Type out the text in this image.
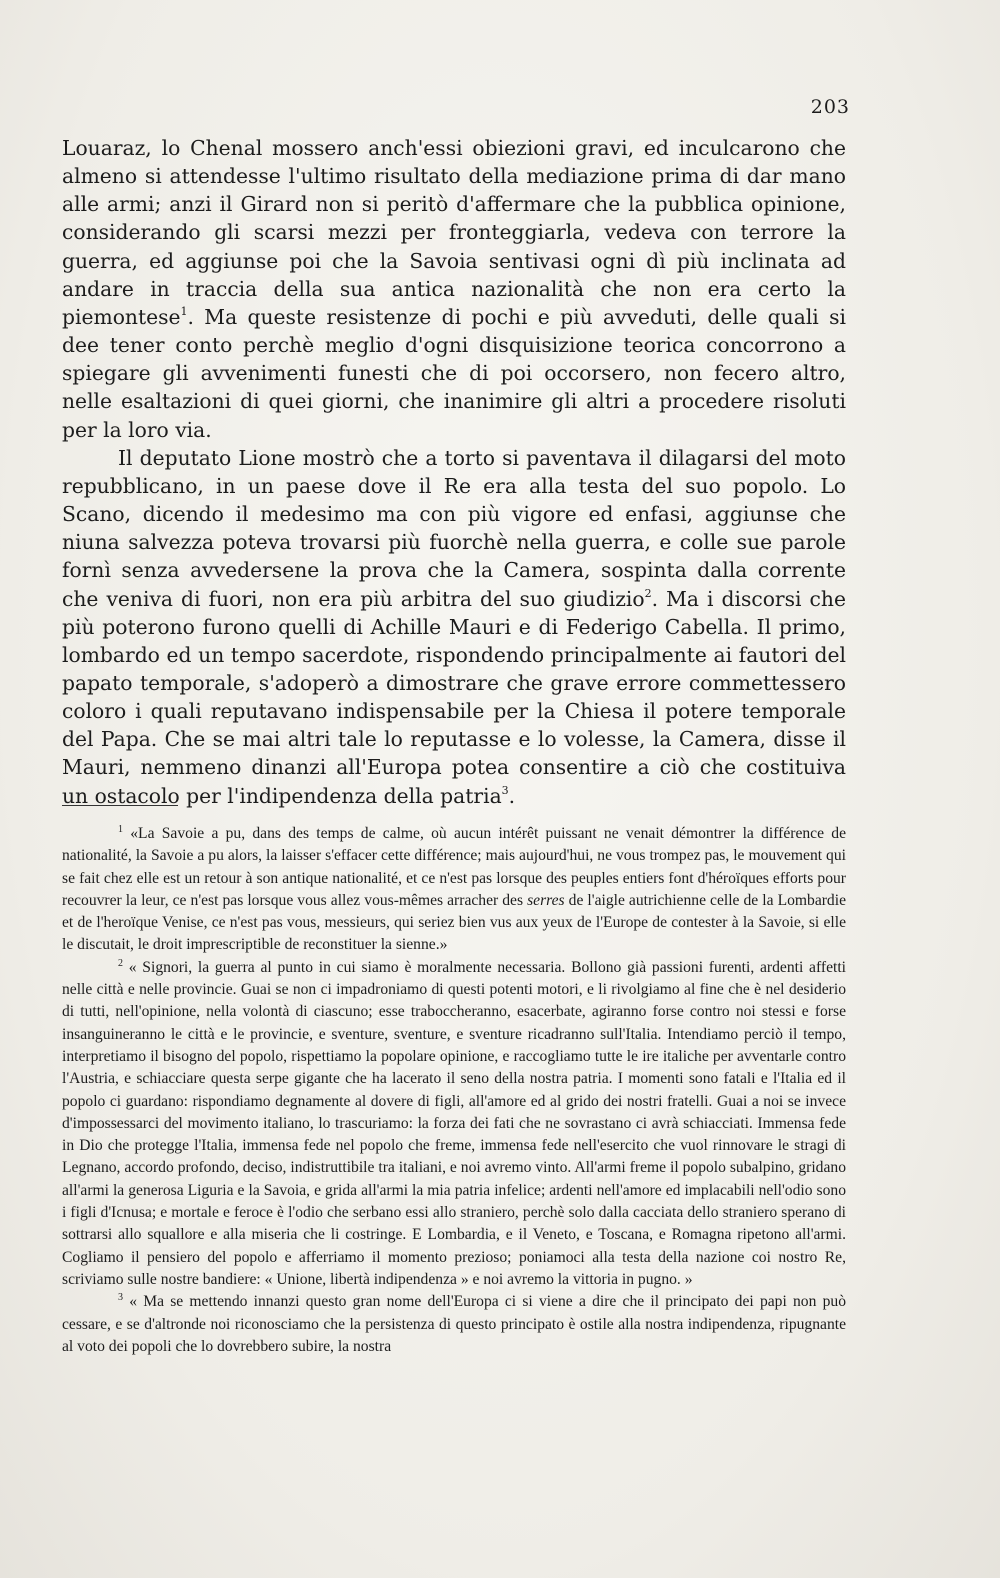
203

Louaraz, lo Chenal mossero anch'essi obiezioni gravi, ed inculcarono che almeno si attendesse l'ultimo risultato della mediazione prima di dar mano alle armi; anzi il Girard non si peritò d'affermare che la pubblica opinione, considerando gli scarsi mezzi per fronteggiarla, vedeva con terrore la guerra, ed aggiunse poi che la Savoia sentivasi ogni dì più inclinata ad andare in traccia della sua antica nazionalità che non era certo la piemontese$^1$. Ma queste resistenze di pochi e più avveduti, delle quali si dee tener conto perchè meglio d'ogni disquisizione teorica concorrono a spiegare gli avvenimenti funesti che di poi occorsero, non fecero altro, nelle esaltazioni di quei giorni, che inanimire gli altri a procedere risoluti per la loro via.

Il deputato Lione mostrò che a torto si paventava il dilagarsi del moto repubblicano, in un paese dove il Re era alla testa del suo popolo. Lo Scano, dicendo il medesimo ma con più vigore ed enfasi, aggiunse che niuna salvezza poteva trovarsi più fuorchè nella guerra, e colle sue parole fornì senza avvedersene la prova che la Camera, sospinta dalla corrente che veniva di fuori, non era più arbitra del suo giudizio$^2$. Ma i discorsi che più poterono furono quelli di Achille Mauri e di Federigo Cabella. Il primo, lombardo ed un tempo sacerdote, rispondendo principalmente ai fautori del papato temporale, s'adoperò a dimostrare che grave errore commettessero coloro i quali reputavano indispensabile per la Chiesa il potere temporale del Papa. Che se mai altri tale lo reputasse e lo volesse, la Camera, disse il Mauri, nemmeno dinanzi all'Europa potea consentire a ciò che costituiva un ostacolo per l'indipendenza della patria$^3$.

$^1$ «La Savoie a pu, dans des temps de calme, où aucun intérêt puissant ne venait démontrer la différence de nationalité, la Savoie a pu alors, la laisser s'effacer cette différence; mais aujourd'hui, ne vous trompez pas, le mouvement qui se fait chez elle est un retour à son antique nationalité, et ce n'est pas lorsque des peuples entiers font d'héroïques efforts pour recouvrer la leur, ce n'est pas lorsque vous allez vous-mêmes arracher des serres de l'aigle autrichienne celle de la Lombardie et de l'heroïque Venise, ce n'est pas vous, messieurs, qui seriez bien vus aux yeux de l'Europe de contester à la Savoie, si elle le discutait, le droit imprescriptible de reconstituer la sienne.»

$^2$ « Signori, la guerra al punto in cui siamo è moralmente necessaria. Bollono già passioni furenti, ardenti affetti nelle città e nelle provincie. Guai se non ci impadroniamo di questi potenti motori, e li rivolgiamo al fine che è nel desiderio di tutti, nell'opinione, nella volontà di ciascuno; esse traboccheranno, esacerbate, agiranno forse contro noi stessi e forse insanguineranno le città e le provincie, e sventure, sventure, e sventure ricadranno sull'Italia. Intendiamo perciò il tempo, interpretiamo il bisogno del popolo, rispettiamo la popolare opinione, e raccogliamo tutte le ire italiche per avventarle contro l'Austria, e schiacciare questa serpe gigante che ha lacerato il seno della nostra patria. I momenti sono fatali e l'Italia ed il popolo ci guardano: rispondiamo degnamente al dovere di figli, all'amore ed al grido dei nostri fratelli. Guai a noi se invece d'impossessarci del movimento italiano, lo trascuriamo: la forza dei fati che ne sovrastano ci avrà schiacciati. Immensa fede in Dio che protegge l'Italia, immensa fede nel popolo che freme, immensa fede nell'esercito che vuol rinnovare le stragi di Legnano, accordo profondo, deciso, indistruttibile tra italiani, e noi avremo vinto. All'armi freme il popolo subalpino, gridano all'armi la generosa Liguria e la Savoia, e grida all'armi la mia patria infelice; ardenti nell'amore ed implacabili nell'odio sono i figli d'Icnusa; e mortale e feroce è l'odio che serbano essi allo straniero, perchè solo dalla cacciata dello straniero sperano di sottrarsi allo squallore e alla miseria che li costringe. E Lombardia, e il Veneto, e Toscana, e Romagna ripetono all'armi. Cogliamo il pensiero del popolo e afferriamo il momento prezioso; poniamoci alla testa della nazione coi nostro Re, scriviamo sulle nostre bandiere: « Unione, libertà indipendenza » e noi avremo la vittoria in pugno. »

$^3$ « Ma se mettendo innanzi questo gran nome dell'Europa ci si viene a dire che il principato dei papi non può cessare, e se d'altronde noi riconosciamo che la persistenza di questo principato è ostile alla nostra indipendenza, ripugnante al voto dei popoli che lo dovrebbero subire, la nostra
